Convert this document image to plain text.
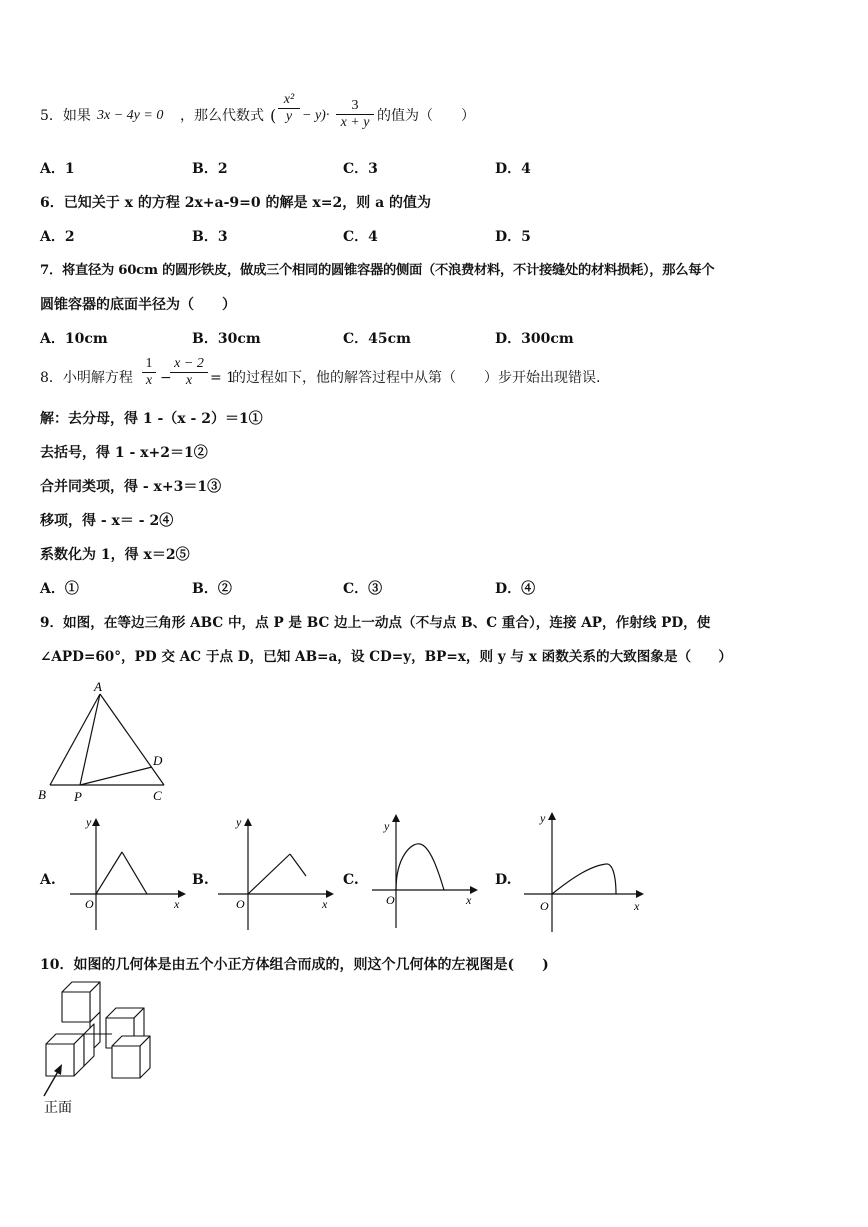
5．如果 3x − 4y = 0 ，那么代数式 ( $\frac{\text{x²}}{y} - y)\cdot \frac{3}{x + y}$ 的值为（　　）
A．1	B．2	C．3	D．4
6．已知关于 x 的方程 2x+a-9=0 的解是 x=2，则 a 的值为
A．2	B．3	C．4	D．5
7．将直径为 60cm 的圆形铁皮，做成三个相同的圆锥容器的侧面（不浪费材料，不计接缝处的材料损耗），那么每个
圆锥容器的底面半径为（　　）
A．10cm	B．30cm	C．45cm	D．300cm
8．小明解方程 $\frac{1}{x}$ −
$\frac{x - 2}{x} = 1$
的过程如下，他的解答过程中从第（　　）步开始出现错误.
解：去分母，得 1 -（x - 2）＝1①
去括号，得 1 - x+2＝1②
合并同类项，得 - x+3＝1③
移项，得 - x＝ - 2④
系数化为 1，得 x＝2⑤
A．①	B．②	C．③	D．④
9．如图，在等边三角形 ABC 中，点 P 是 BC 边上一动点（不与点 B、C 重合），连接 AP，作射线 PD，使
∠APD=60°，PD 交 AC 于点 D，已知 AB=a，设 CD=y，BP=x，则 y 与 x 函数关系的大致图象是（　　）
A
B P	C
D
A.
y
x
O
B.
y
x
O
C.
y
x
O
D.
y
x
O
10．如图的几何体是由五个小正方体组合而成的，则这个几何体的左视图是(　　)
正面
